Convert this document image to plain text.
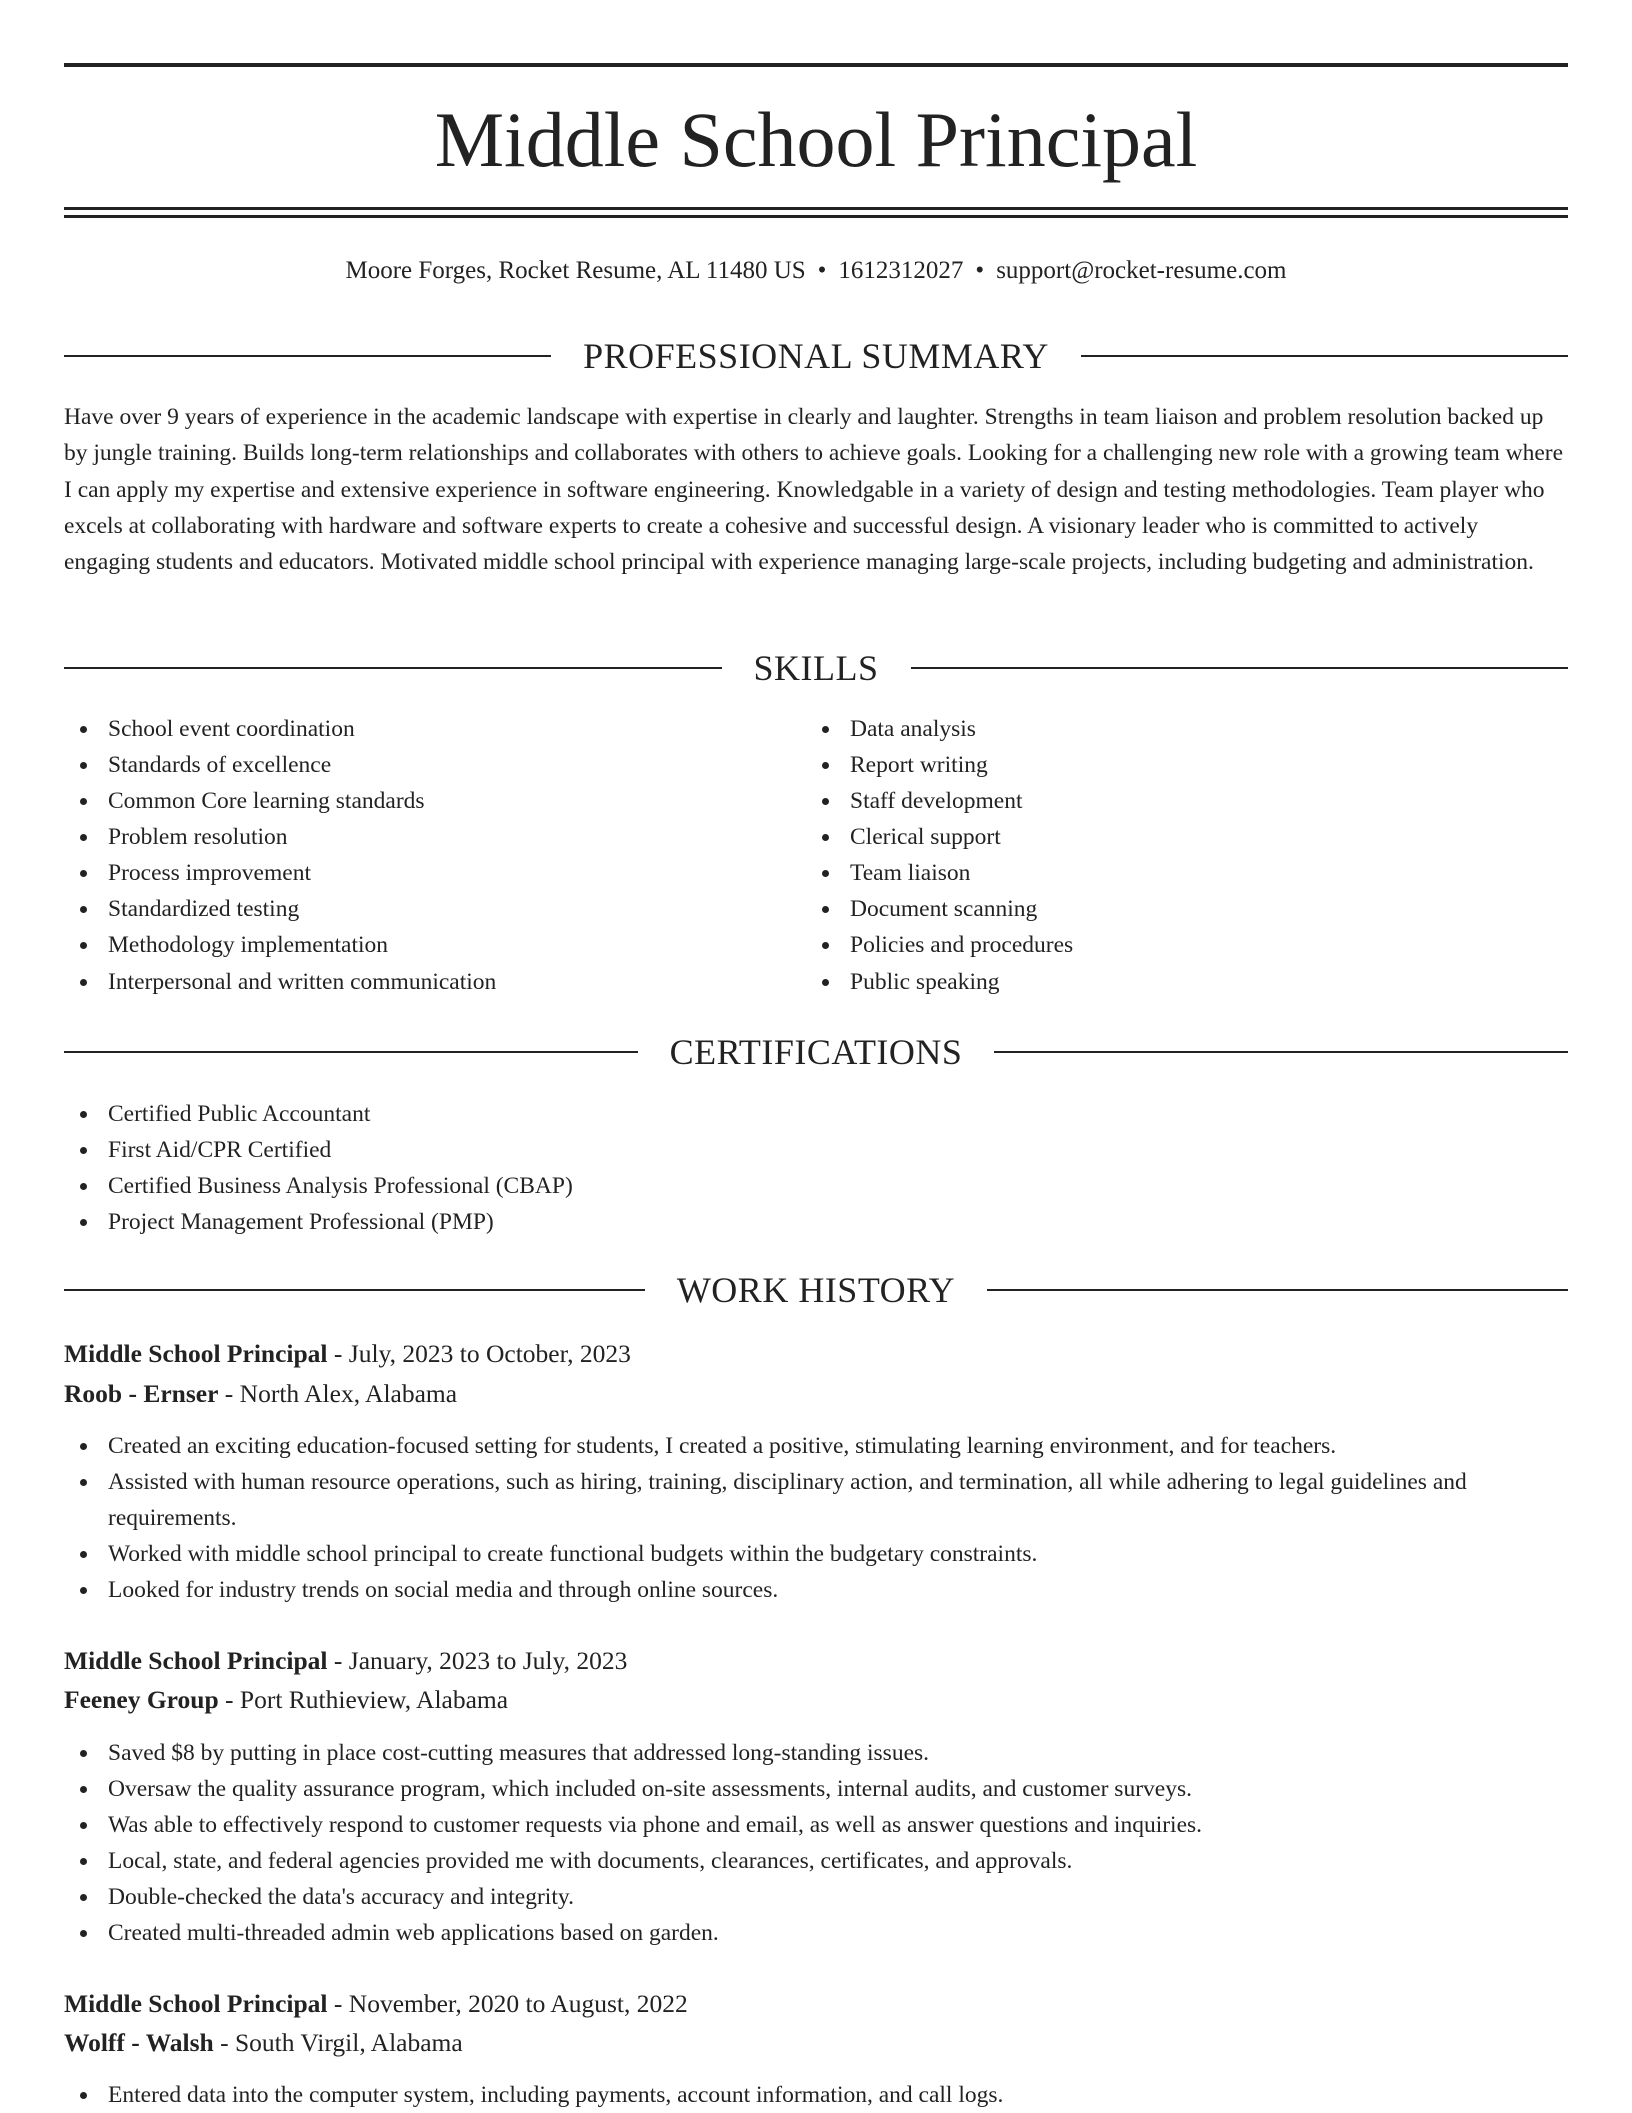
Middle School Principal
Moore Forges, Rocket Resume, AL 11480 US • 1612312027 • support@rocket-resume.com
PROFESSIONAL SUMMARY

Have over 9 years of experience in the academic landscape with expertise in clearly and laughter. Strengths in team liaison and problem resolution backed up by jungle training. Builds long-term relationships and collaborates with others to achieve goals. Looking for a challenging new role with a growing team where I can apply my expertise and extensive experience in software engineering. Knowledgable in a variety of design and testing methodologies. Team player who excels at collaborating with hardware and software experts to create a cohesive and successful design. A visionary leader who is committed to actively engaging students and educators. Motivated middle school principal with experience managing large-scale projects, including budgeting and administration.

SKILLS
School event coordination
Standards of excellence
Common Core learning standards
Problem resolution
Process improvement
Standardized testing
Methodology implementation
Interpersonal and written communication
Data analysis
Report writing
Staff development
Clerical support
Team liaison
Document scanning
Policies and procedures
Public speaking
CERTIFICATIONS
Certified Public Accountant
First Aid/CPR Certified
Certified Business Analysis Professional (CBAP)
Project Management Professional (PMP)
WORK HISTORY
Middle School Principal - July, 2023 to October, 2023
Roob - Ernser - North Alex, Alabama
Created an exciting education-focused setting for students, I created a positive, stimulating learning environment, and for teachers.
Assisted with human resource operations, such as hiring, training, disciplinary action, and termination, all while adhering to legal guidelines and requirements.
Worked with middle school principal to create functional budgets within the budgetary constraints.
Looked for industry trends on social media and through online sources.
Middle School Principal - January, 2023 to July, 2023
Feeney Group - Port Ruthieview, Alabama
Saved $8 by putting in place cost-cutting measures that addressed long-standing issues.
Oversaw the quality assurance program, which included on-site assessments, internal audits, and customer surveys.
Was able to effectively respond to customer requests via phone and email, as well as answer questions and inquiries.
Local, state, and federal agencies provided me with documents, clearances, certificates, and approvals.
Double-checked the data's accuracy and integrity.
Created multi-threaded admin web applications based on garden.
Middle School Principal - November, 2020 to August, 2022
Wolff - Walsh - South Virgil, Alabama
Entered data into the computer system, including payments, account information, and call logs.
